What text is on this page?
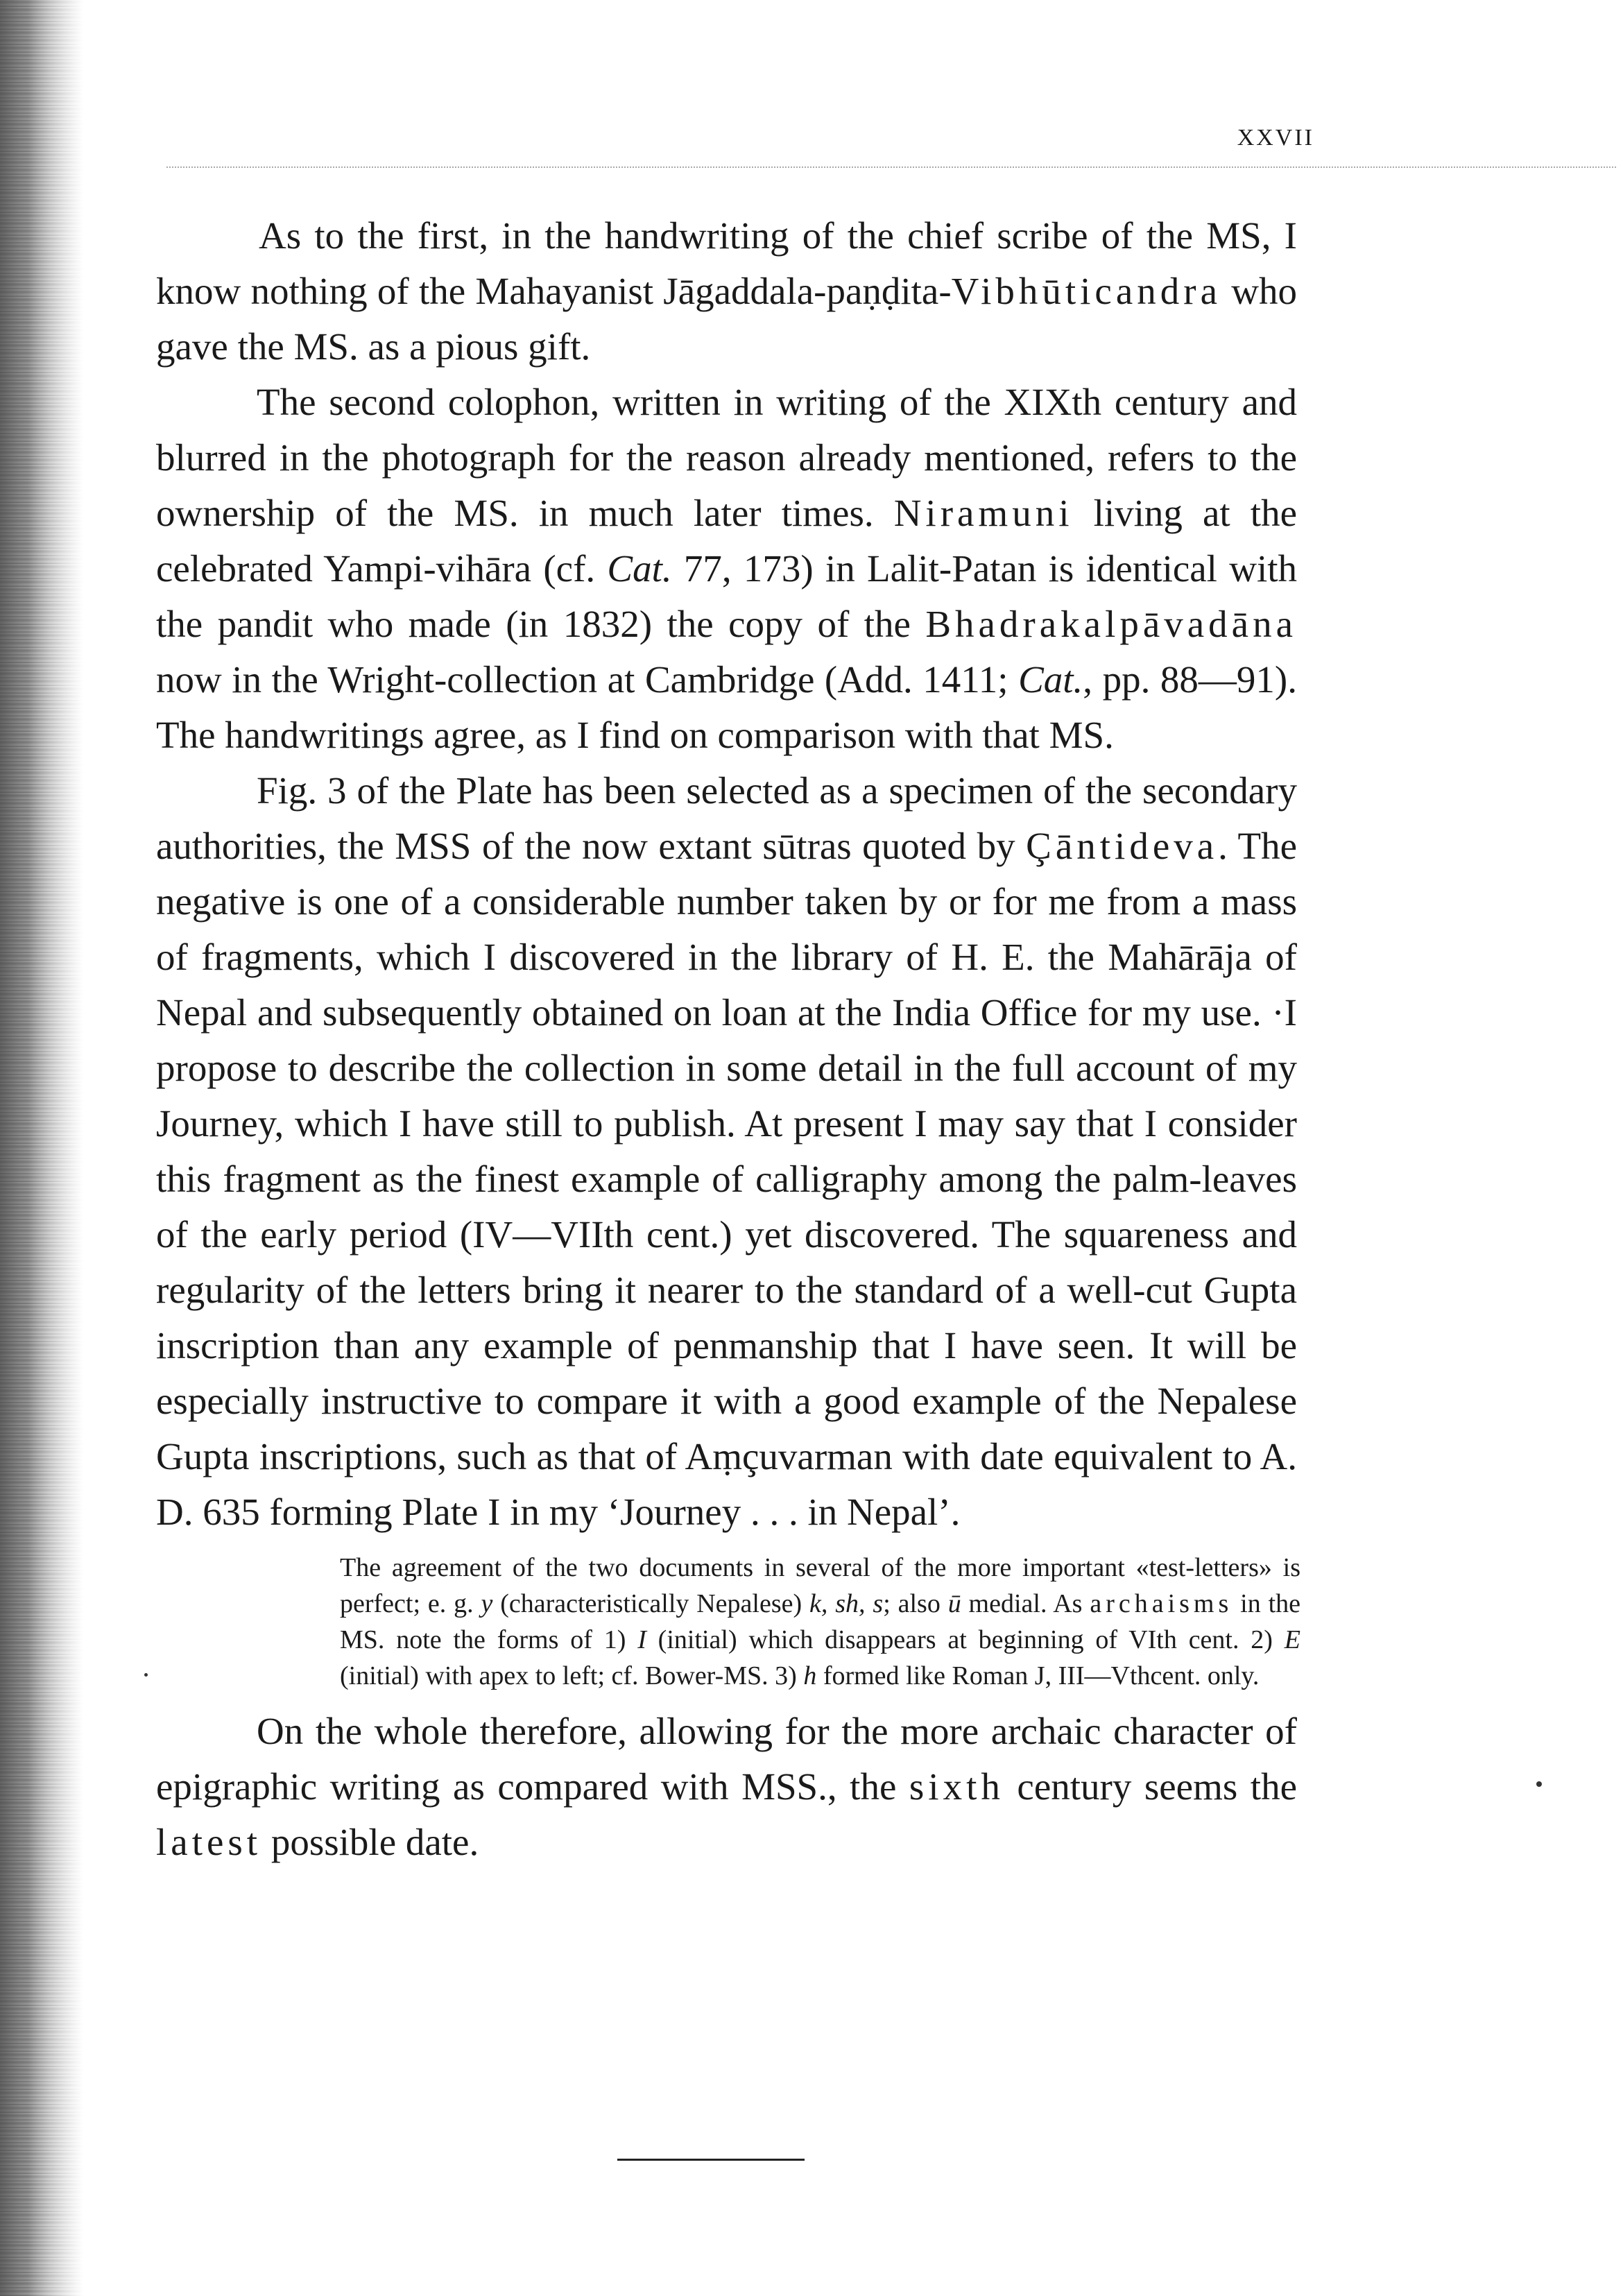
XXVII

As to the first, in the handwriting of the chief scribe of the MS, I know nothing of the Mahayanist Jāgaddala-paṇḍita-Vibhūticandra who gave the MS. as a pious gift.

The second colophon, written in writing of the XIXth century and blurred in the photograph for the reason already mentioned, refers to the ownership of the MS. in much later times. Niramuni living at the celebrated Yampi-vihāra (cf. Cat. 77, 173) in Lalit-Patan is identical with the pandit who made (in 1832) the copy of the Bhadrakalpāvadāna now in the Wright-collection at Cambridge (Add. 1411; Cat., pp. 88—91). The handwritings agree, as I find on comparison with that MS.

Fig. 3 of the Plate has been selected as a specimen of the secondary authorities, the MSS of the now extant sūtras quoted by Çāntideva. The negative is one of a considerable number taken by or for me from a mass of fragments, which I discovered in the library of H. E. the Mahārāja of Nepal and subsequently obtained on loan at the India Office for my use. ·I propose to describe the collection in some detail in the full account of my Journey, which I have still to publish. At present I may say that I consider this fragment as the finest example of calligraphy among the palm-leaves of the early period (IV—VIIth cent.) yet discovered. The squareness and regularity of the letters bring it nearer to the standard of a well-cut Gupta inscription than any example of penmanship that I have seen. It will be especially instructive to compare it with a good example of the Nepalese Gupta inscriptions, such as that of Aṃçuvarman with date equivalent to A. D. 635 forming Plate I in my ‘Journey . . . in Nepal’.

The agreement of the two documents in several of the more important «test-letters» is perfect; e. g. y (characteristically Nepalese) k, sh, s; also ū medial. As archaisms in the MS. note the forms of 1) I (initial) which disappears at beginning of VIth cent. 2) E (initial) with apex to left; cf. Bower-MS. 3) h formed like Roman J, III—Vthcent. only.

On the whole therefore, allowing for the more archaic character of epigraphic writing as compared with MSS., the sixth century seems the latest possible date.
